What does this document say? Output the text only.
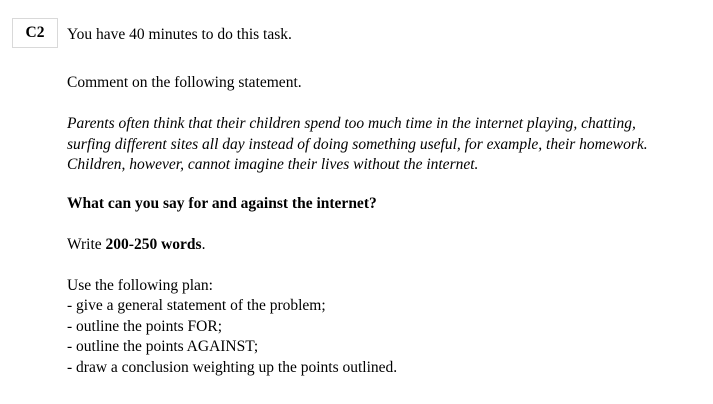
C2 You have 40 minutes to do this task.
Comment on the following statement.
Parents often think that their children spend too much time in the internet playing, chatting,
surfing different sites all day instead of doing something useful, for example, their homework.
Children, however, cannot imagine their lives without the internet.
What can you say for and against the internet?
Write 200-250 words.
Use the following plan:
- give a general statement of the problem;
- outline the points FOR;
- outline the points AGAINST;
- draw a conclusion weighting up the points outlined.
